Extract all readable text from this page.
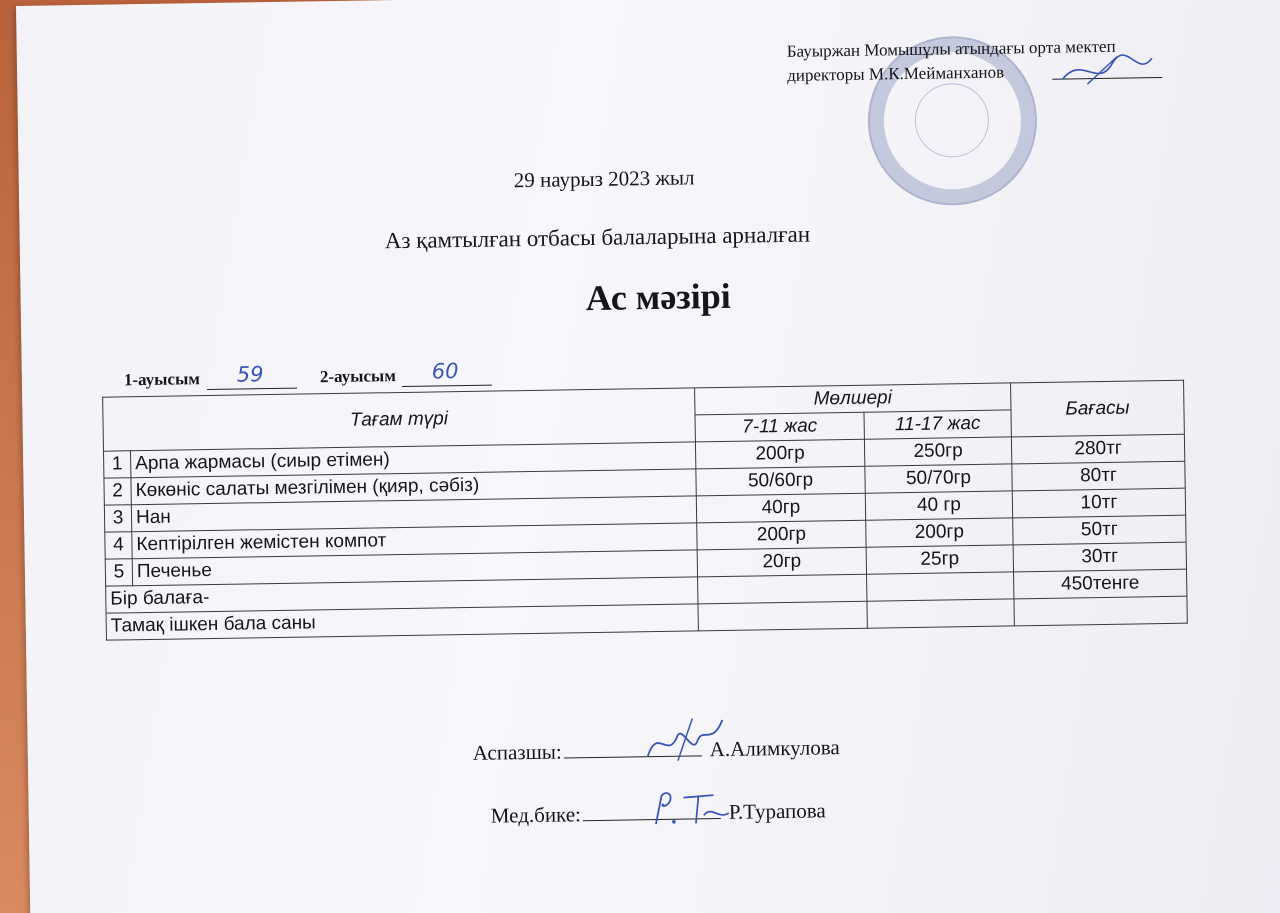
Бауыржан Момышұлы атындағы орта мектеп
директоры М.К.Мейманханов
29 наурыз 2023 жыл
Аз қамтылған отбасы балаларына арналған
Ас мәзірі
1-ауысым 59	2-ауысым 60
Тағам түрі		Мөлшері		Бағасы
		7-11 жас	11-17 жас	
1	Арпа жармасы (сиыр етімен)	200гр	250гр	280тг
2	Көкөніс салаты мезгілімен (қияр, сәбіз)	50/60гр	50/70гр	80тг
3	Нан	40гр	40 гр	10тг
4	Кептірілген жемістен компот	200гр	200гр	50тг
5	Печенье	20гр	25гр	30тг
Бір балаға-				450тенге
Тамақ ішкен бала саны				
Аспазшы:	А.Алимкулова
Мед.бике:	Р.Турапова
